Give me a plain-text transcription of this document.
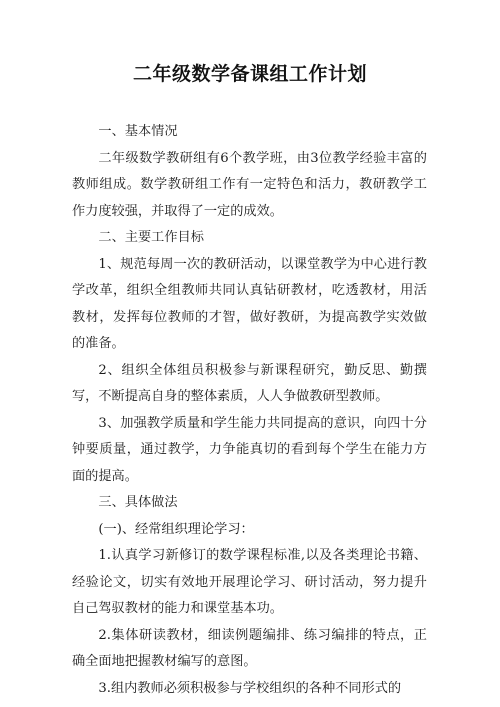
二年级数学备课组工作计划

一、基本情况

二年级数学教研组有6个教学班，由3位教学经验丰富的教师组成。数学教研组工作有一定特色和活力，教研教学工作力度较强，并取得了一定的成效。

二、主要工作目标

1、规范每周一次的教研活动，以课堂教学为中心进行教学改革，组织全组教师共同认真钻研教材，吃透教材，用活教材，发挥每位教师的才智，做好教研，为提高教学实效做的准备。

2、组织全体组员积极参与新课程研究，勤反思、勤撰写，不断提高自身的整体素质，人人争做教研型教师。

3、加强教学质量和学生能力共同提高的意识，向四十分钟要质量，通过教学，力争能真切的看到每个学生在能力方面的提高。

三、具体做法

(一)、经常组织理论学习：

1.认真学习新修订的数学课程标准,以及各类理论书籍、经验论文，切实有效地开展理论学习、研讨活动，努力提升自己驾驭教材的能力和课堂基本功。

2.集体研读教材，细读例题编排、练习编排的特点，正确全面地把握教材编写的意图。

3.组内教师必须积极参与学校组织的各种不同形式的
